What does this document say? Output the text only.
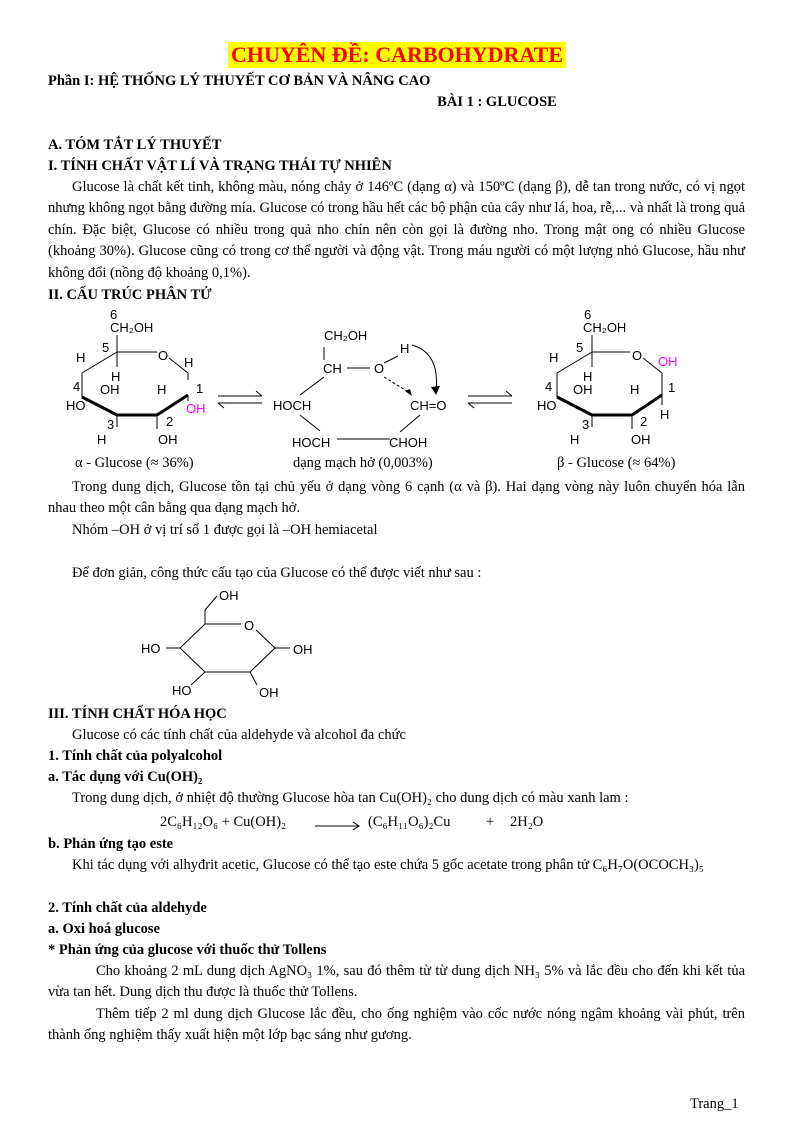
CHUYÊN ĐỀ: CARBOHYDRATE
Phần I: HỆ THỐNG LÝ THUYẾT CƠ BẢN VÀ NÂNG CAO
BÀI 1 : GLUCOSE
A. TÓM TẮT LÝ THUYẾT
I. TÍNH CHẤT VẬT LÍ VÀ TRẠNG THÁI TỰ NHIÊN
Glucose là chất kết tinh, không màu, nóng chảy ở 146ºC (dạng α) và 150ºC (dạng β), dễ tan trong nước, có vị ngọt nhưng không ngọt bằng đường mía. Glucose có trong hầu hết các bộ phận của cây như lá, hoa, rễ,... và nhất là trong quả chín. Đặc biệt, Glucose có nhiều trong quả nho chín nên còn gọi là đường nho. Trong mật ong có nhiều Glucose (khoảng 30%). Glucose cũng có trong cơ thể người và động vật. Trong máu người có một lượng nhỏ Glucose, hầu như không đổi (nồng độ khoảng 0,1%).
II. CẤU TRÚC PHÂN TỬ
6
CH₂OH
5
O
H
H
H
1
4
HO
OH
3
H
H
2
OH
OH
CH₂OH
CH O
H
HOCH
HOCH	CHOH
CH=O
6
CH₂OH
5
O OH
H
H
1
4
HO
OH
3
H
H
2
OH
H
α - Glucose (≈ 36%)	dạng mạch hở (0,003%)	β - Glucose (≈ 64%)
Trong dung dịch, Glucose tồn tại chủ yếu ở dạng vòng 6 cạnh (α và β). Hai dạng vòng này luôn chuyển hóa lẫn nhau theo một cân bằng qua dạng mạch hở.
Nhóm –OH ở vị trí số 1 được gọi là –OH hemiacetal
Để đơn giản, công thức cấu tạo của Glucose có thể được viết như sau :
OH
O
OH
HO
HO	OH
III. TÍNH CHẤT HÓA HỌC
Glucose có các tính chất của aldehyde và alcohol đa chức
1. Tính chất của polyalcohol
a. Tác dụng với Cu(OH)₂
Trong dung dịch, ở nhiệt độ thường Glucose hòa tan Cu(OH)₂ cho dung dịch có màu xanh lam :
2C₆H₁₂O₆ + Cu(OH)₂ → (C₆H₁₁O₆)₂Cu + 2H₂O
b. Phản ứng tạo este
Khi tác dụng với alhyđrit acetic, Glucose có thể tạo este chứa 5 gốc acetate trong phân tử C₆H₇O(OCOCH₃)₅
2. Tính chất của aldehyde
a. Oxi hoá glucose
* Phản ứng của glucose với thuốc thử Tollens
Cho khoảng 2 mL dung dịch AgNO₃ 1%, sau đó thêm từ từ dung dịch NH₃ 5% và lắc đều cho đến khi kết tủa vừa tan hết. Dung dịch thu được là thuốc thử Tollens.
Thêm tiếp 2 ml dung dịch Glucose lắc đều, cho ống nghiệm vào cốc nước nóng ngâm khoảng vài phút, trên thành ống nghiệm thấy xuất hiện một lớp bạc sáng như gương.
Trang_1
